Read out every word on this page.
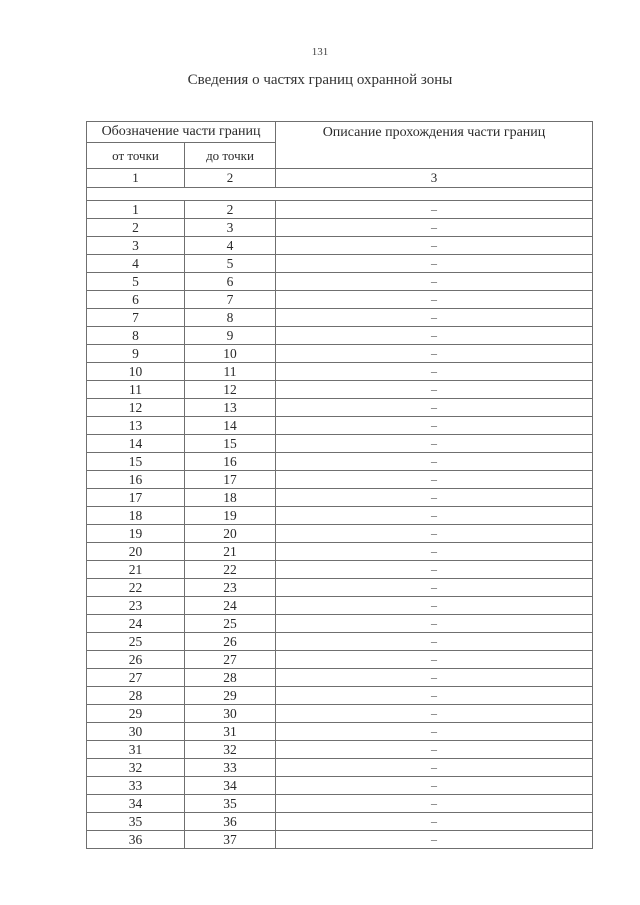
131
Сведения о частях границ охранной зоны
Обозначение части границ		Описание прохождения части границ
от точки	до точки	
1	2	3

1	2	–
2	3	–
3	4	–
4	5	–
5	6	–
6	7	–
7	8	–
8	9	–
9	10	–
10	11	–
11	12	–
12	13	–
13	14	–
14	15	–
15	16	–
16	17	–
17	18	–
18	19	–
19	20	–
20	21	–
21	22	–
22	23	–
23	24	–
24	25	–
25	26	–
26	27	–
27	28	–
28	29	–
29	30	–
30	31	–
31	32	–
32	33	–
33	34	–
34	35	–
35	36	–
36	37	–
